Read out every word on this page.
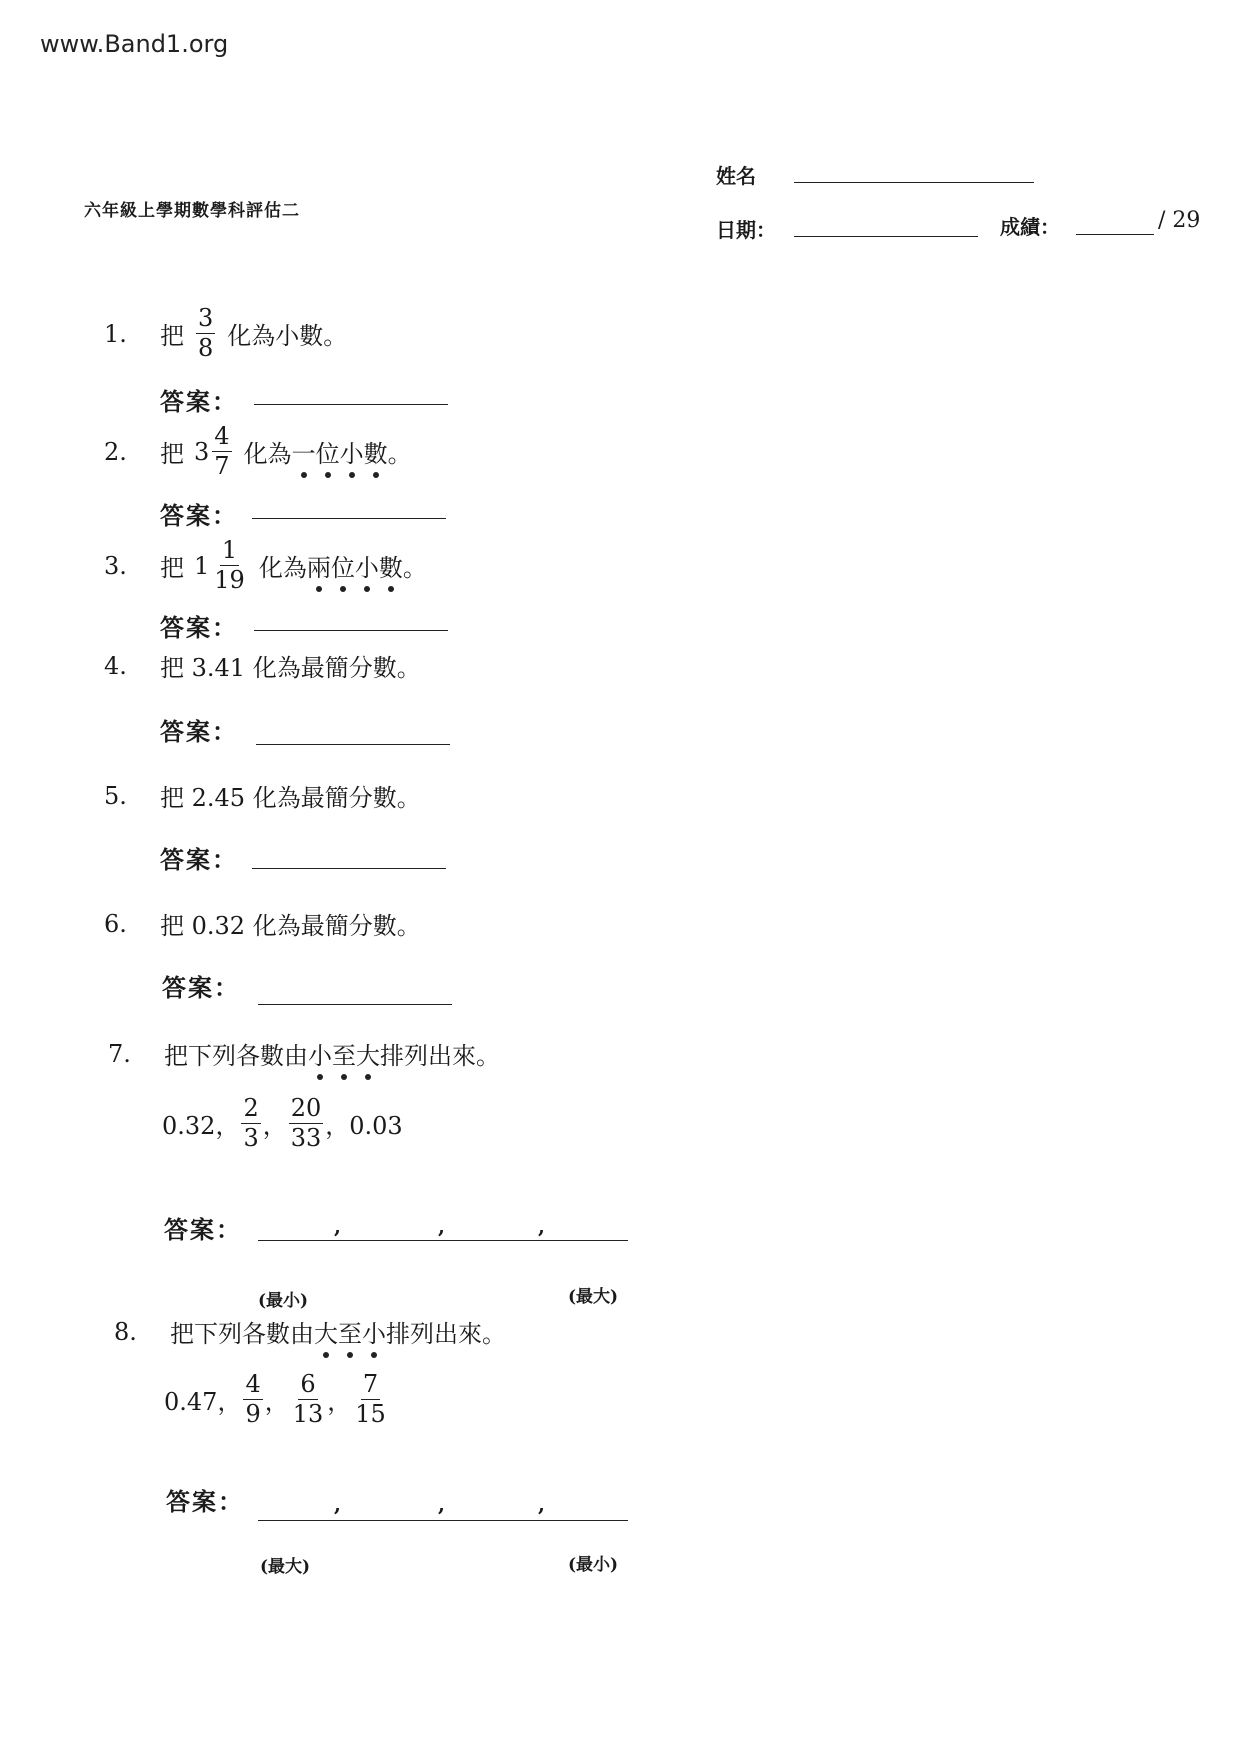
www.Band1.org
六年級上學期數學科評估二
姓名
日期：	成績：	/ 29
1.	把 $\frac{3}{8}$ 化為小數。
答案：
2.	把 $3 \frac{4}{7}$ 化為 一 位 小 數 。
答案：
3.	把 $1 \frac{1}{19}$ 化為 兩 位 小 數 。
答案：
4.	把 3.41 化為最簡分數。
答案：
5.	把 2.45 化為最簡分數。
答案：
6.	把 0.32 化為最簡分數。
答案：
7.	把下列各數由 小 至 大 排列出來。
0.32， $\frac{2}{3}$ ， $\frac{20}{33}$ ，0.03
答案：	,	,	,
(最小)	(最大)
8.	把下列各數由 大 至 小 排列出來。
0.47， $\frac{4}{9}$ ， $\frac{6}{13}$ ， $\frac{7}{15}$
答案：	,	,	,
(最大)	(最小)
